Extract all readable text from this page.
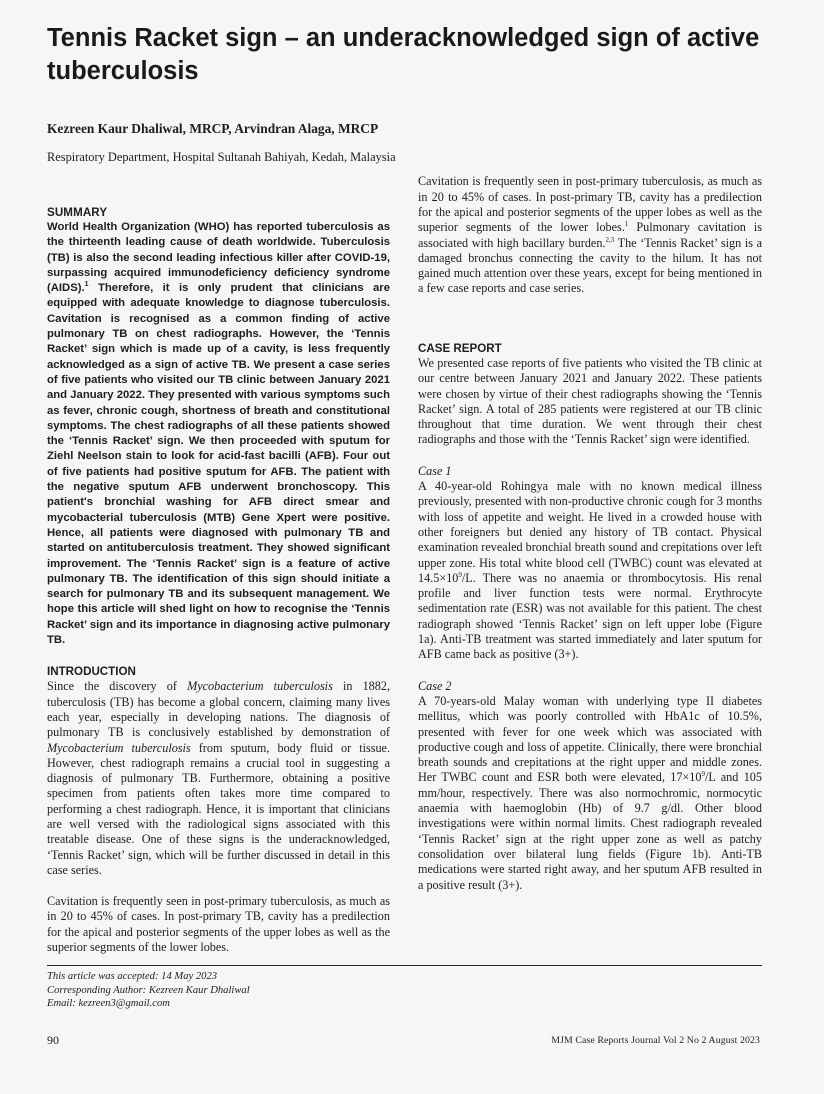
Tennis Racket sign – an underacknowledged sign of active tuberculosis
Kezreen Kaur Dhaliwal, MRCP, Arvindran Alaga, MRCP
Respiratory Department, Hospital Sultanah Bahiyah, Kedah, Malaysia

SUMMARY

World Health Organization (WHO) has reported tuberculosis as the thirteenth leading cause of death worldwide. Tuberculosis (TB) is also the second leading infectious killer after COVID-19, surpassing acquired immunodeficiency deficiency syndrome (AIDS).$^1$ Therefore, it is only prudent that clinicians are equipped with adequate knowledge to diagnose tuberculosis. Cavitation is recognised as a common finding of active pulmonary TB on chest radiographs. However, the ‘Tennis Racket’ sign which is made up of a cavity, is less frequently acknowledged as a sign of active TB. We present a case series of five patients who visited our TB clinic between January 2021 and January 2022. They presented with various symptoms such as fever, chronic cough, shortness of breath and constitutional symptoms. The chest radiographs of all these patients showed the ‘Tennis Racket’ sign. We then proceeded with sputum for Ziehl Neelson stain to look for acid-fast bacilli (AFB). Four out of five patients had positive sputum for AFB. The patient with the negative sputum AFB underwent bronchoscopy. This patient's bronchial washing for AFB direct smear and mycobacterial tuberculosis (MTB) Gene Xpert were positive. Hence, all patients were diagnosed with pulmonary TB and started on antituberculosis treatment. They showed significant improvement. The ‘Tennis Racket’ sign is a feature of active pulmonary TB. The identification of this sign should initiate a search for pulmonary TB and its subsequent management. We hope this article will shed light on how to recognise the ‘Tennis Racket’ sign and its importance in diagnosing active pulmonary TB.

INTRODUCTION

Since the discovery of Mycobacterium tuberculosis in 1882, tuberculosis (TB) has become a global concern, claiming many lives each year, especially in developing nations. The diagnosis of pulmonary TB is conclusively established by demonstration of Mycobacterium tuberculosis from sputum, body fluid or tissue. However, chest radiograph remains a crucial tool in suggesting a diagnosis of pulmonary TB. Furthermore, obtaining a positive specimen from patients often takes more time compared to performing a chest radiograph. Hence, it is important that clinicians are well versed with the radiological signs associated with this treatable disease. One of these signs is the underacknowledged, ‘Tennis Racket’ sign, which will be further discussed in detail in this case series.

Cavitation is frequently seen in post-primary tuberculosis, as much as in 20 to 45% of cases. In post-primary TB, cavity has a predilection for the apical and posterior segments of the upper lobes as well as the superior segments of the lower lobes.

Cavitation is frequently seen in post-primary tuberculosis, as much as in 20 to 45% of cases. In post-primary TB, cavity has a predilection for the apical and posterior segments of the upper lobes as well as the superior segments of the lower lobes.$^1$ Pulmonary cavitation is associated with high bacillary burden.$^{2,3}$ The ‘Tennis Racket’ sign is a damaged bronchus connecting the cavity to the hilum. It has not gained much attention over these years, except for being mentioned in a few case reports and case series.

CASE REPORT

We presented case reports of five patients who visited the TB clinic at our centre between January 2021 and January 2022. These patients were chosen by virtue of their chest radiographs showing the ‘Tennis Racket’ sign. A total of 285 patients were registered at our TB clinic throughout that time duration. We went through their chest radiographs and those with the ‘Tennis Racket’ sign were identified.

Case 1

A 40-year-old Rohingya male with no known medical illness previously, presented with non-productive chronic cough for 3 months with loss of appetite and weight. He lived in a crowded house with other foreigners but denied any history of TB contact. Physical examination revealed bronchial breath sound and crepitations over left upper zone. His total white blood cell (TWBC) count was elevated at $14.5\times 10^9/L$. There was no anaemia or thrombocytosis. His renal profile and liver function tests were normal. Erythrocyte sedimentation rate (ESR) was not available for this patient. The chest radiograph showed ‘Tennis Racket’ sign on left upper lobe (Figure 1a). Anti-TB treatment was started immediately and later sputum for AFB came back as positive (3+).

Case 2

A 70-years-old Malay woman with underlying type II diabetes mellitus, which was poorly controlled with HbA1c of 10.5%, presented with fever for one week which was associated with productive cough and loss of appetite. Clinically, there were bronchial breath sounds and crepitations at the right upper and middle zones. Her TWBC count and ESR both were elevated, $17\times 10^9/L$ and 105 mm/hour, respectively. There was also normochromic, normocytic anaemia with haemoglobin (Hb) of 9.7 g/dl. Other blood investigations were within normal limits. Chest radiograph revealed ‘Tennis Racket’ sign at the right upper zone as well as patchy consolidation over bilateral lung fields (Figure 1b). Anti-TB medications were started right away, and her sputum AFB resulted in a positive result (3+).

This article was accepted: 14 May 2023

Corresponding Author: Kezreen Kaur Dhaliwal

Email: kezreen3@gmail.com

90	MJM Case Reports Journal Vol 2 No 2 August 2023
